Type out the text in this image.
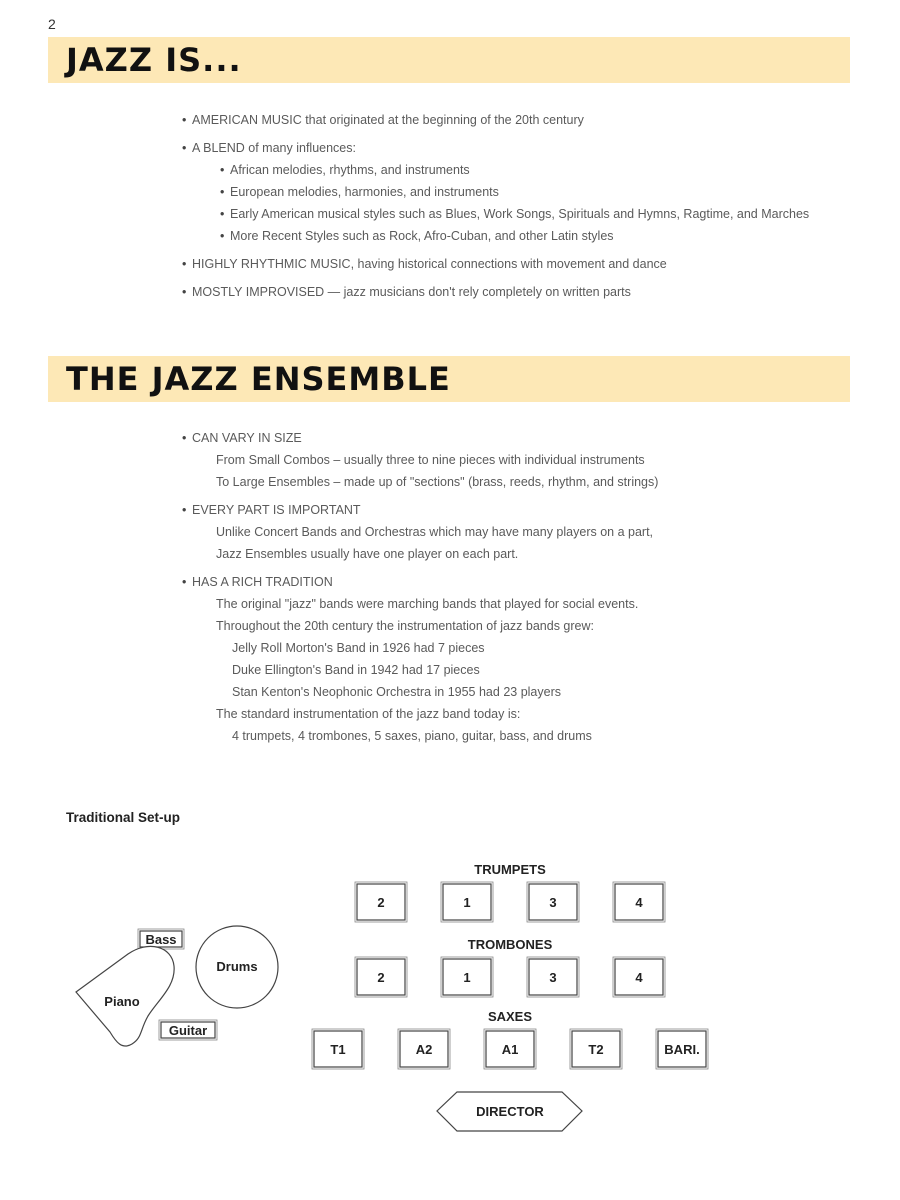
2
JAZZ IS...
• AMERICAN MUSIC that originated at the beginning of the 20th century
• A BLEND of many influences:
• African melodies, rhythms, and instruments
• European melodies, harmonies, and instruments
• Early American musical styles such as Blues, Work Songs, Spirituals and Hymns, Ragtime, and Marches
• More Recent Styles such as Rock, Afro-Cuban, and other Latin styles
• HIGHLY RHYTHMIC MUSIC, having historical connections with movement and dance
• MOSTLY IMPROVISED — jazz musicians don't rely completely on written parts
THE JAZZ ENSEMBLE
• CAN VARY IN SIZE
From Small Combos – usually three to nine pieces with individual instruments
To Large Ensembles – made up of "sections" (brass, reeds, rhythm, and strings)
• EVERY PART IS IMPORTANT
Unlike Concert Bands and Orchestras which may have many players on a part,
Jazz Ensembles usually have one player on each part.
• HAS A RICH TRADITION
The original "jazz" bands were marching bands that played for social events.
Throughout the 20th century the instrumentation of jazz bands grew:
Jelly Roll Morton's Band in 1926 had 7 pieces
Duke Ellington's Band in 1942 had 17 pieces
Stan Kenton's Neophonic Orchestra in 1955 had 23 players
The standard instrumentation of the jazz band today is:
4 trumpets, 4 trombones, 5 saxes, piano, guitar, bass, and drums
Traditional Set-up
TRUMPETS
TROMBONES
SAXES
2	1	3	4
2	1	3	4
T1	A2	A1	T2	BARI.
DIRECTOR
Bass
Drums
Piano
Guitar
